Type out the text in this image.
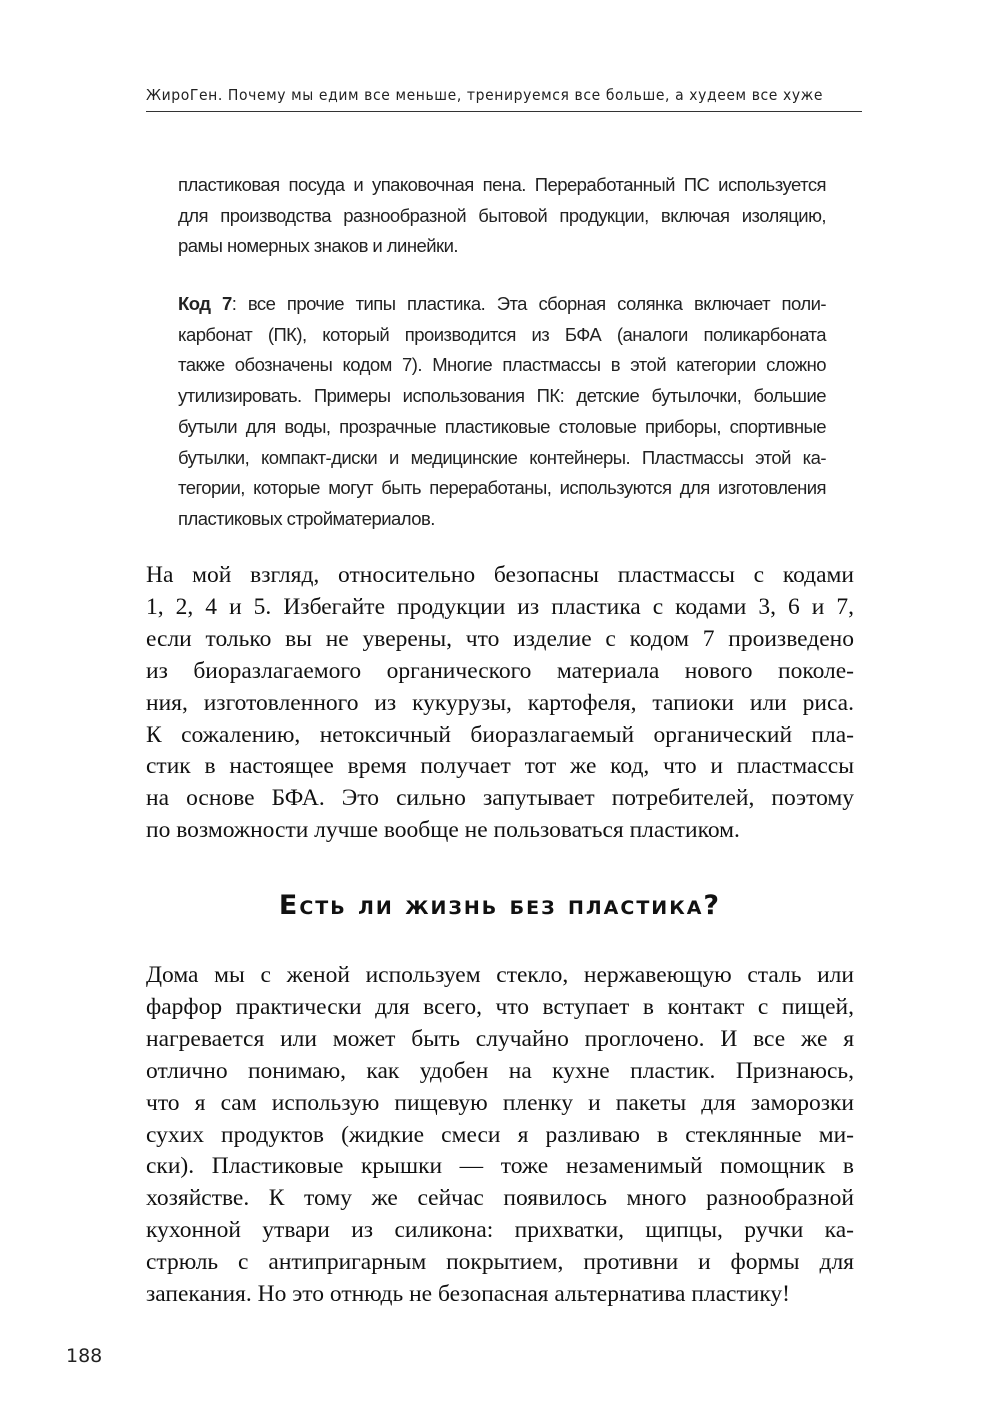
ЖироГен. Почему мы едим все меньше, тренируемся все больше, а худеем все хуже
пластиковая посуда и упаковочная пена. Переработанный ПС используется
для производства разнообразной бытовой продукции, включая изоляцию,
рамы номерных знаков и линейки.
Код 7: все прочие типы пластика. Эта сборная солянка включает поли-
карбонат (ПК), который производится из БФА (аналоги поликарбоната
также обозначены кодом 7). Многие пластмассы в этой категории сложно
утилизировать. Примеры использования ПК: детские бутылочки, большие
бутыли для воды, прозрачные пластиковые столовые приборы, спортивные
бутылки, компакт-диски и медицинские контейнеры. Пластмассы этой ка-
тегории, которые могут быть переработаны, используются для изготовления
пластиковых стройматериалов.
На мой взгляд, относительно безопасны пластмассы с кодами
1, 2, 4 и 5. Избегайте продукции из пластика с кодами 3, 6 и 7,
если только вы не уверены, что изделие с кодом 7 произведено
из биоразлагаемого органического материала нового поколе-
ния, изготовленного из кукурузы, картофеля, тапиоки или риса.
К сожалению, нетоксичный биоразлагаемый органический пла-
стик в настоящее время получает тот же код, что и пластмассы
на основе БФА. Это сильно запутывает потребителей, поэтому
по возможности лучше вообще не пользоваться пластиком.
Есть ли жизнь без пластика?
Дома мы с женой используем стекло, нержавеющую сталь или
фарфор практически для всего, что вступает в контакт с пищей,
нагревается или может быть случайно проглочено. И все же я
отлично понимаю, как удобен на кухне пластик. Признаюсь,
что я сам использую пищевую пленку и пакеты для заморозки
сухих продуктов (жидкие смеси я разливаю в стеклянные ми-
ски). Пластиковые крышки — тоже незаменимый помощник в
хозяйстве. К тому же сейчас появилось много разнообразной
кухонной утвари из силикона: прихватки, щипцы, ручки ка-
стрюль с антипригарным покрытием, противни и формы для
запекания. Но это отнюдь не безопасная альтернатива пластику!
188
